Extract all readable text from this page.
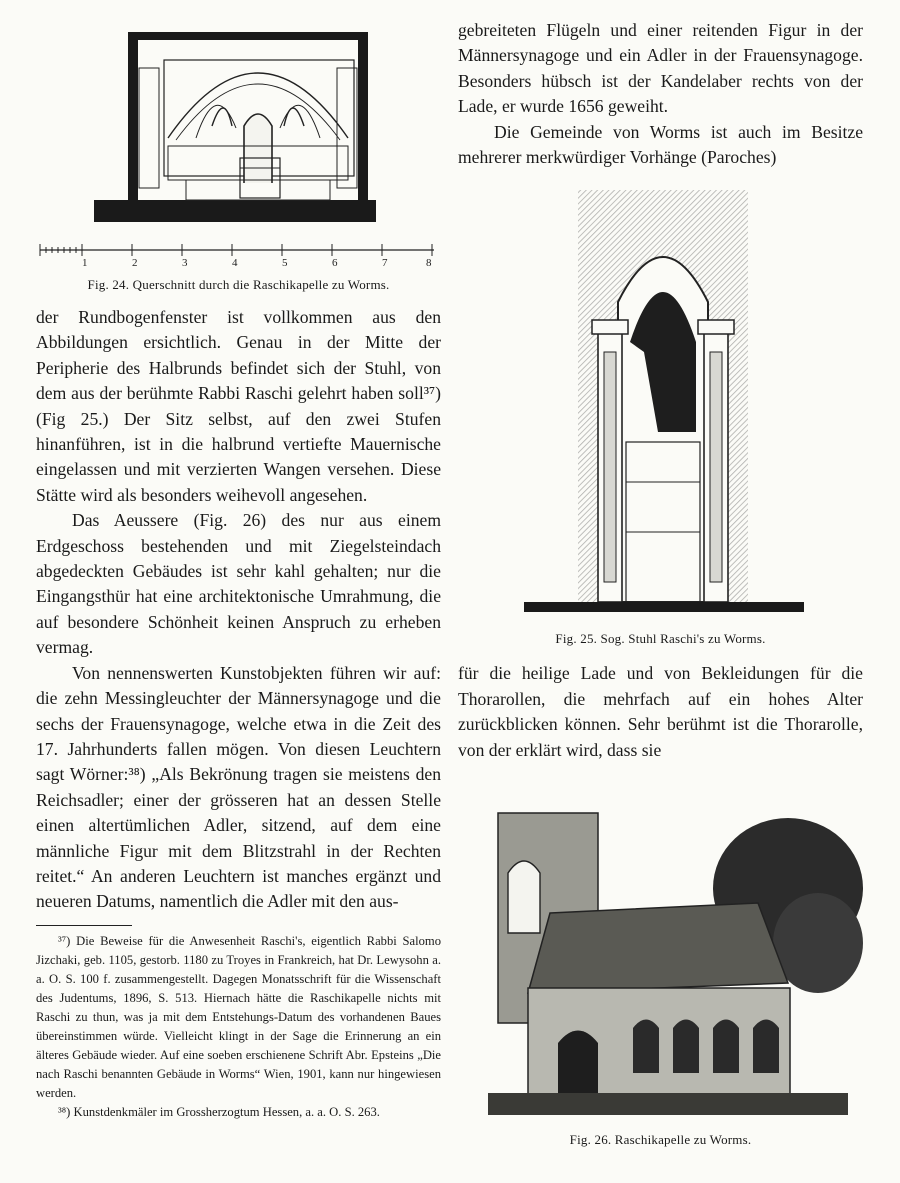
1	2	3	4	5	6	7	8
Fig. 24. Querschnitt durch die Raschikapelle zu Worms.

der Rundbogenfenster ist vollkommen aus den Abbildungen ersichtlich. Genau in der Mitte der Peripherie des Halbrunds befindet sich der Stuhl, von dem aus der berühmte Rabbi Raschi gelehrt haben soll³⁷) (Fig 25.) Der Sitz selbst, auf den zwei Stufen hinanführen, ist in die halbrund vertiefte Mauernische eingelassen und mit verzierten Wangen versehen. Diese Stätte wird als besonders weihevoll angesehen.

Das Aeussere (Fig. 26) des nur aus einem Erdgeschoss bestehenden und mit Ziegelsteindach abgedeckten Gebäudes ist sehr kahl gehalten; nur die Eingangsthür hat eine architektonische Umrahmung, die auf besondere Schönheit keinen Anspruch zu erheben vermag.

Von nennenswerten Kunstobjekten führen wir auf: die zehn Messingleuchter der Männersynagoge und die sechs der Frauensynagoge, welche etwa in die Zeit des 17. Jahrhunderts fallen mögen. Von diesen Leuchtern sagt Wörner:³⁸) „Als Bekrönung tragen sie meistens den Reichsadler; einer der grösseren hat an dessen Stelle einen altertümlichen Adler, sitzend, auf dem eine männliche Figur mit dem Blitzstrahl in der Rechten reitet.“ An anderen Leuchtern ist manches ergänzt und neueren Datums, namentlich die Adler mit den aus-

³⁷) Die Beweise für die Anwesenheit Raschi's, eigentlich Rabbi Salomo Jizchaki, geb. 1105, gestorb. 1180 zu Troyes in Frankreich, hat Dr. Lewysohn a. a. O. S. 100 f. zusammengestellt. Dagegen Monatsschrift für die Wissenschaft des Judentums, 1896, S. 513. Hiernach hätte die Raschikapelle nichts mit Raschi zu thun, was ja mit dem Entstehungs-Datum des vorhandenen Baues übereinstimmen würde. Vielleicht klingt in der Sage die Erinnerung an ein älteres Gebäude wieder. Auf eine soeben erschienene Schrift Abr. Epsteins „Die nach Raschi benannten Gebäude in Worms“ Wien, 1901, kann nur hingewiesen werden.

³⁸) Kunstdenkmäler im Grossherzogtum Hessen, a. a. O. S. 263.

gebreiteten Flügeln und einer reitenden Figur in der Männersynagoge und ein Adler in der Frauensynagoge. Besonders hübsch ist der Kandelaber rechts von der Lade, er wurde 1656 geweiht.

Die Gemeinde von Worms ist auch im Besitze mehrerer merkwürdiger Vorhänge (Paroches)

Fig. 25. Sog. Stuhl Raschi's zu Worms.

für die heilige Lade und von Bekleidungen für die Thorarollen, die mehrfach auf ein hohes Alter zurückblicken können. Sehr berühmt ist die Thorarolle, von der erklärt wird, dass sie

Fig. 26. Raschikapelle zu Worms.
